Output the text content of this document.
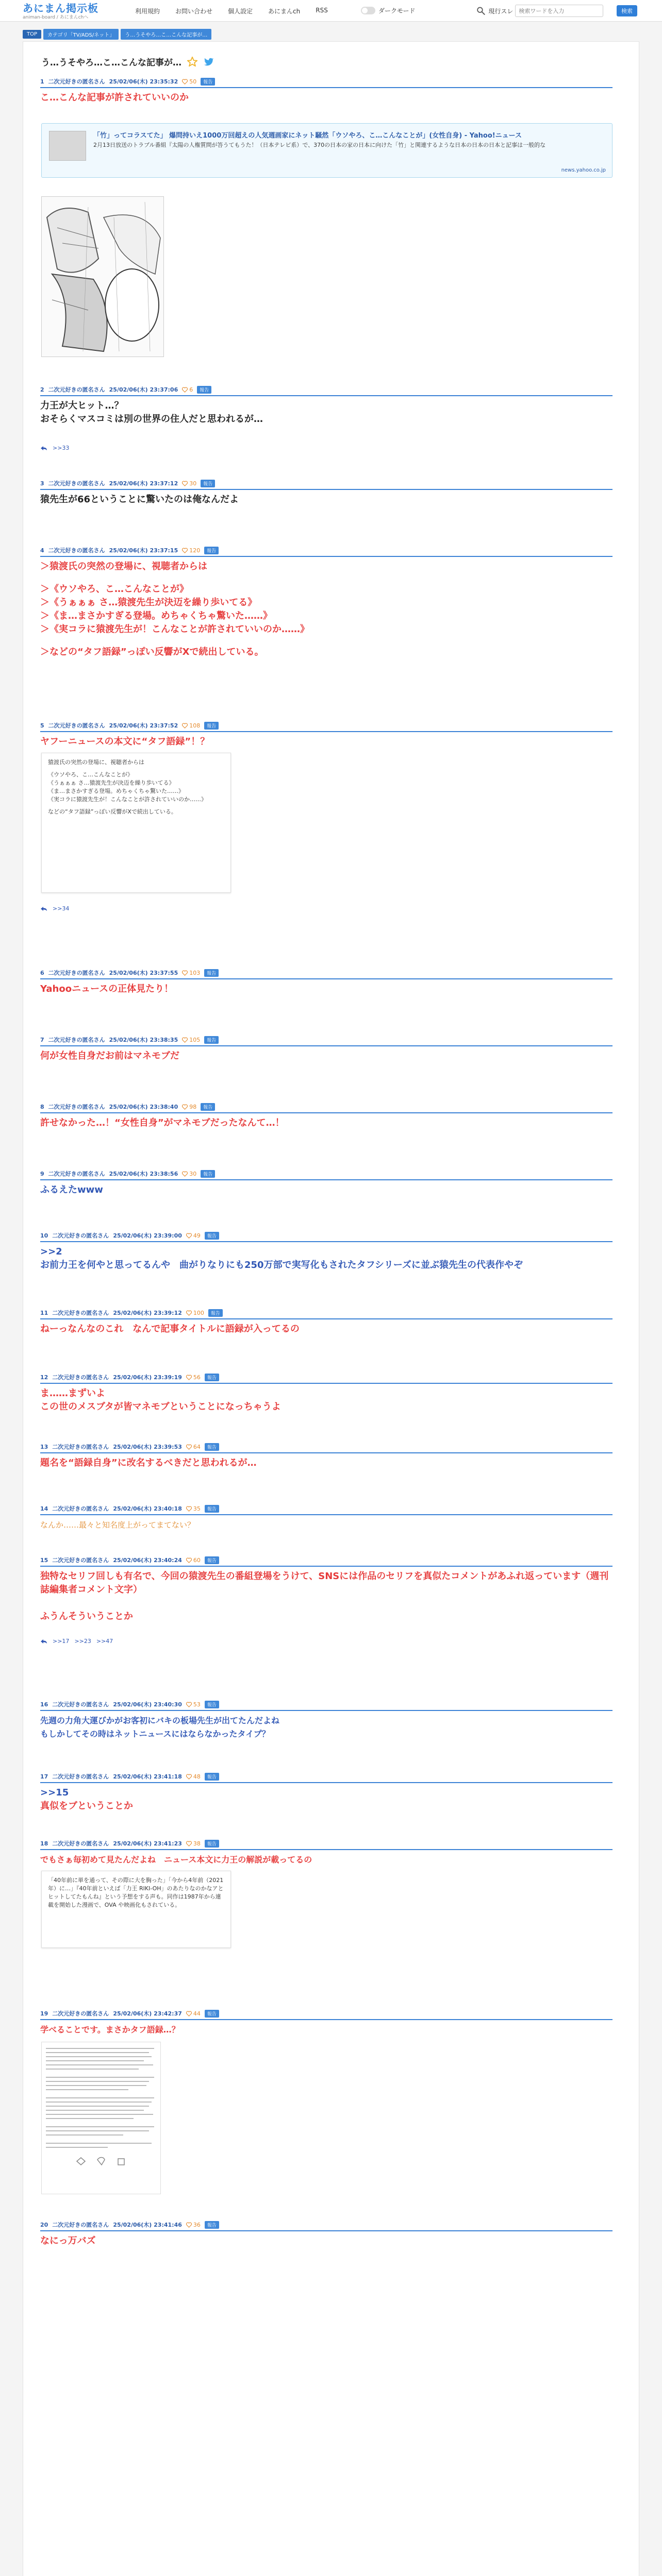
あにまん掲示板
animan-board / あにまんchへ
利用規約	お問い合わせ	個人設定	あにまんch	RSS	ダークモード	現行スレ
検索ワードを入力	検索
TOP	カテゴリ「TV/ADS/ネット」	う…うそやろ…こ…こんな記事が…
う…うそやろ…こ…こんな記事が…
1 二次元好きの匿名さん 25/02/06(木) 23:35:32 50	報告
こ…こんな記事が許されていいのか
「竹」ってコラスてた」 爆問持いえ1000万回超えの人気週画家にネット騒然「ウソやろ、こ…こんなことが」(女性自身) - Yahoo!ニュース
2月13日放送のトラブル番組『太陽の人権質問が答うてもうた！（日本テレビ系）で、370の日本の家の日本に向けた「竹」と関連するような日本の日本の日本と記事は一般的な
news.yahoo.co.jp
2 二次元好きの匿名さん 25/02/06(木) 23:37:06 6	報告
力王が大ヒット…？
おそらくマスコミは別の世界の住人だと思われるが…
>>33
3 二次元好きの匿名さん 25/02/06(木) 23:37:12 30	報告
猿先生が66ということに驚いたのは俺なんだよ
4 二次元好きの匿名さん 25/02/06(木) 23:37:15 120	報告
＞猿渡氏の突然の登場に、視聴者からは
＞《ウソやろ、こ…こんなことが》
＞《うぁぁぁ さ…猿渡先生が決迈を繰り歩いてる》
＞《ま…まさかすぎる登場。めちゃくちゃ驚いた……》
＞《実コラに猿渡先生が！こんなことが許されていいのか……》
＞などの“タフ語録”っぽい反響がXで続出している。
5 二次元好きの匿名さん 25/02/06(木) 23:37:52 108	報告
ヤフーニュースの本文に“タフ語録”！？

猿渡氏の突然の登場に、視聴者からは

《ウソやろ、こ…こんなことが》
《うぁぁぁ さ…猿渡先生が決迈を繰り歩いてる》
《ま…まさかすぎる登場。めちゃくちゃ驚いた……》
《実コラに猿渡先生が！こんなことが許されていいのか……》

などの“タフ語録”っぽい反響がXで続出している。

>>34
6 二次元好きの匿名さん 25/02/06(木) 23:37:55 103	報告
Yahooニュースの正体見たり！
7 二次元好きの匿名さん 25/02/06(木) 23:38:35 105	報告
何が女性自身だお前はマネモブだ
8 二次元好きの匿名さん 25/02/06(木) 23:38:40 98	報告
許せなかった…！“女性自身”がマネモブだったなんて…！
9 二次元好きの匿名さん 25/02/06(木) 23:38:56 30	報告
ふるえたwww
10 二次元好きの匿名さん 25/02/06(木) 23:39:00 49	報告
>>2
お前力王を何やと思ってるんや　曲がりなりにも250万部で実写化もされたタフシリーズに並ぶ猿先生の代表作やぞ
11 二次元好きの匿名さん 25/02/06(木) 23:39:12 100	報告
ねーっなんなのこれ　なんで記事タイトルに語録が入ってるの
12 二次元好きの匿名さん 25/02/06(木) 23:39:19 56	報告
ま……まずいよ
この世のメスブタが皆マネモブということになっちゃうよ
13 二次元好きの匿名さん 25/02/06(木) 23:39:53 64	報告
題名を“語録自身”に改名するべきだと思われるが…
14 二次元好きの匿名さん 25/02/06(木) 23:40:18 35	報告
なんか……最々と知名度上がってまてない？
15 二次元好きの匿名さん 25/02/06(木) 23:40:24 60	報告
独特なセリフ回しも有名で、今回の猿渡先生の番組登場をうけて、SNSには作品のセリフを真似たコメントがあふれ返っています（週刊誌編集者コメント文字）
ふうんそういうことか
>>17 >>23 >>47
16 二次元好きの匿名さん 25/02/06(木) 23:40:30 53	報告
先週の力角大運びかがお客初にバキの板場先生が出てたんだよね
もしかしてその時はネットニュースにはならなかったタイプ？
17 二次元好きの匿名さん 25/02/06(木) 23:41:18 48	報告
>>15
真似をブということか
18 二次元好きの匿名さん 25/02/06(木) 23:41:23 38	報告
でもさぁ毎初めて見たんだよね　ニュース本文に力王の解説が載ってるの

「40年前に単を通って、その際に大を胸った」「今から4年前（2021年）に…」『40年前といえば「力王 RIKI-OH」のあたりなのかなアとヒットしてたもんね』という予想をする声も。同作は1987年から連載を開始した漫画で、OVA や映画化もされている。

19 二次元好きの匿名さん 25/02/06(木) 23:42:37 44	報告
学べることです。まさかタフ語録…？
20 二次元好きの匿名さん 25/02/06(木) 23:41:46 36	報告
なにっ万バズ
